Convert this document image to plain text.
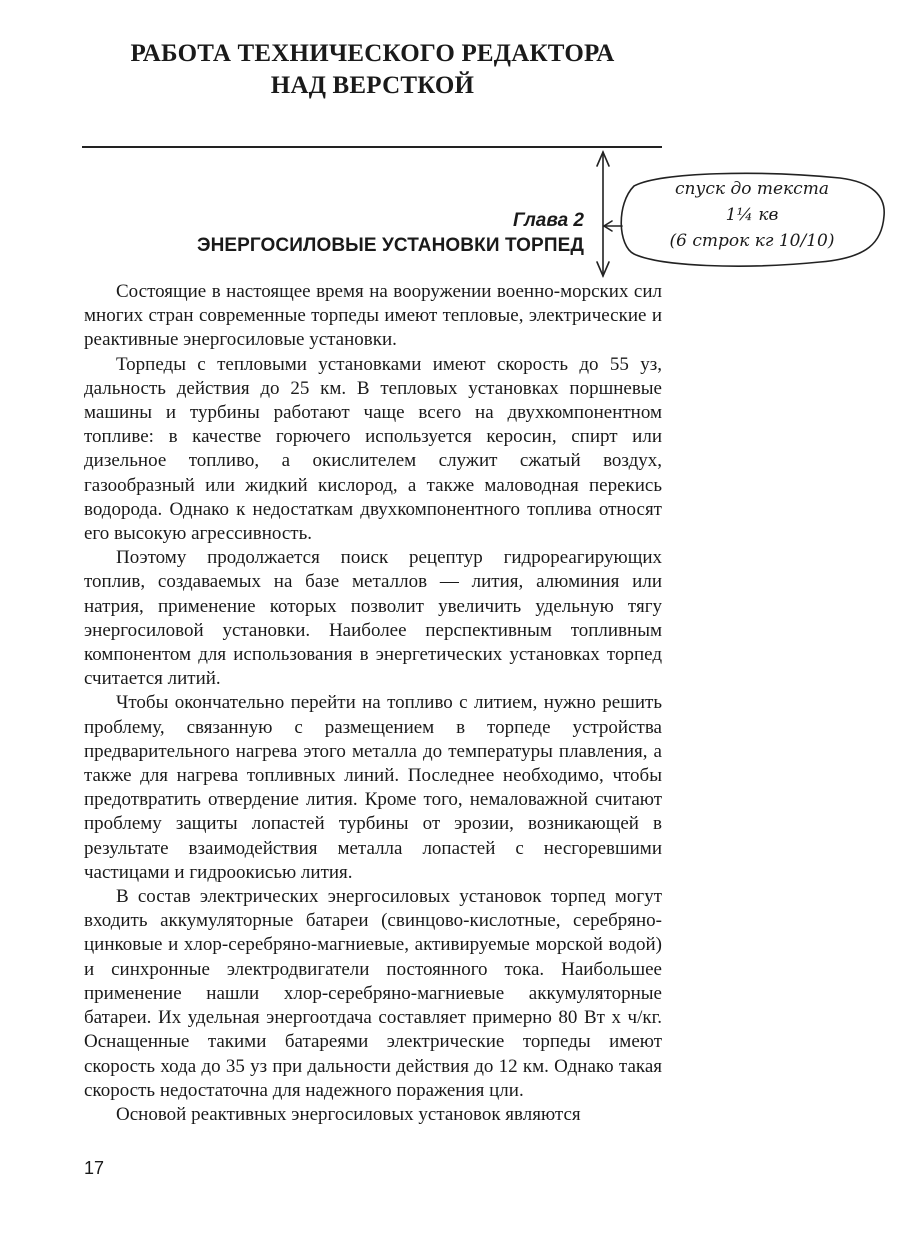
РАБОТА ТЕХНИЧЕСКОГО РЕДАКТОРА
НАД ВЕРСТКОЙ
Глава 2
ЭНЕРГОСИЛОВЫЕ УСТАНОВКИ ТОРПЕД
спуск до текста
1¼ кв
(6 строк кг 10/10)

Состоящие в настоящее время на вооружении военно-морских сил многих стран современные торпеды имеют тепловые, электрические и реактивные энергосиловые установки.

Торпеды с тепловыми установками имеют скорость до 55 уз, дальность действия до 25 км. В тепловых установках поршневые машины и турбины работают чаще всего на двухкомпонентном топливе: в качестве горючего используется керосин, спирт или дизельное топливо, а окислителем служит сжатый воздух, газообразный или жидкий кислород, а также маловодная перекись водорода. Однако к недостаткам двухкомпонентного топлива относят его высокую агрессивность.

Поэтому продолжается поиск рецептур гидрореагирующих топлив, создаваемых на базе металлов — лития, алюминия или натрия, применение которых позволит увеличить удельную тягу энергосиловой установки. Наиболее перспективным топливным компонентом для использования в энергетических установках торпед считается литий.

Чтобы окончательно перейти на топливо с литием, нужно решить проблему, связанную с размещением в торпеде устройства предварительного нагрева этого металла до температуры плавления, а также для нагрева топливных линий. Последнее необходимо, чтобы предотвратить отвердение лития. Кроме того, немаловажной считают проблему защиты лопастей турбины от эрозии, возникающей в результате взаимодействия металла лопастей с несгоревшими частицами и гидроокисью лития.

В состав электрических энергосиловых установок торпед могут входить аккумуляторные батареи (свинцово-кислотные, серебряно-цинковые и хлор-серебряно-магниевые, активируемые морской водой) и синхронные электродвигатели постоянного тока. Наибольшее применение нашли хлор-серебряно-магниевые аккумуляторные батареи. Их удельная энергоотдача составляет примерно 80 Вт х ч/кг. Оснащенные такими батареями электрические торпеды имеют скорость хода до 35 уз при дальности действия до 12 км. Однако такая скорость недостаточна для надежного поражения цли.

Основой реактивных энергосиловых установок являются

17
